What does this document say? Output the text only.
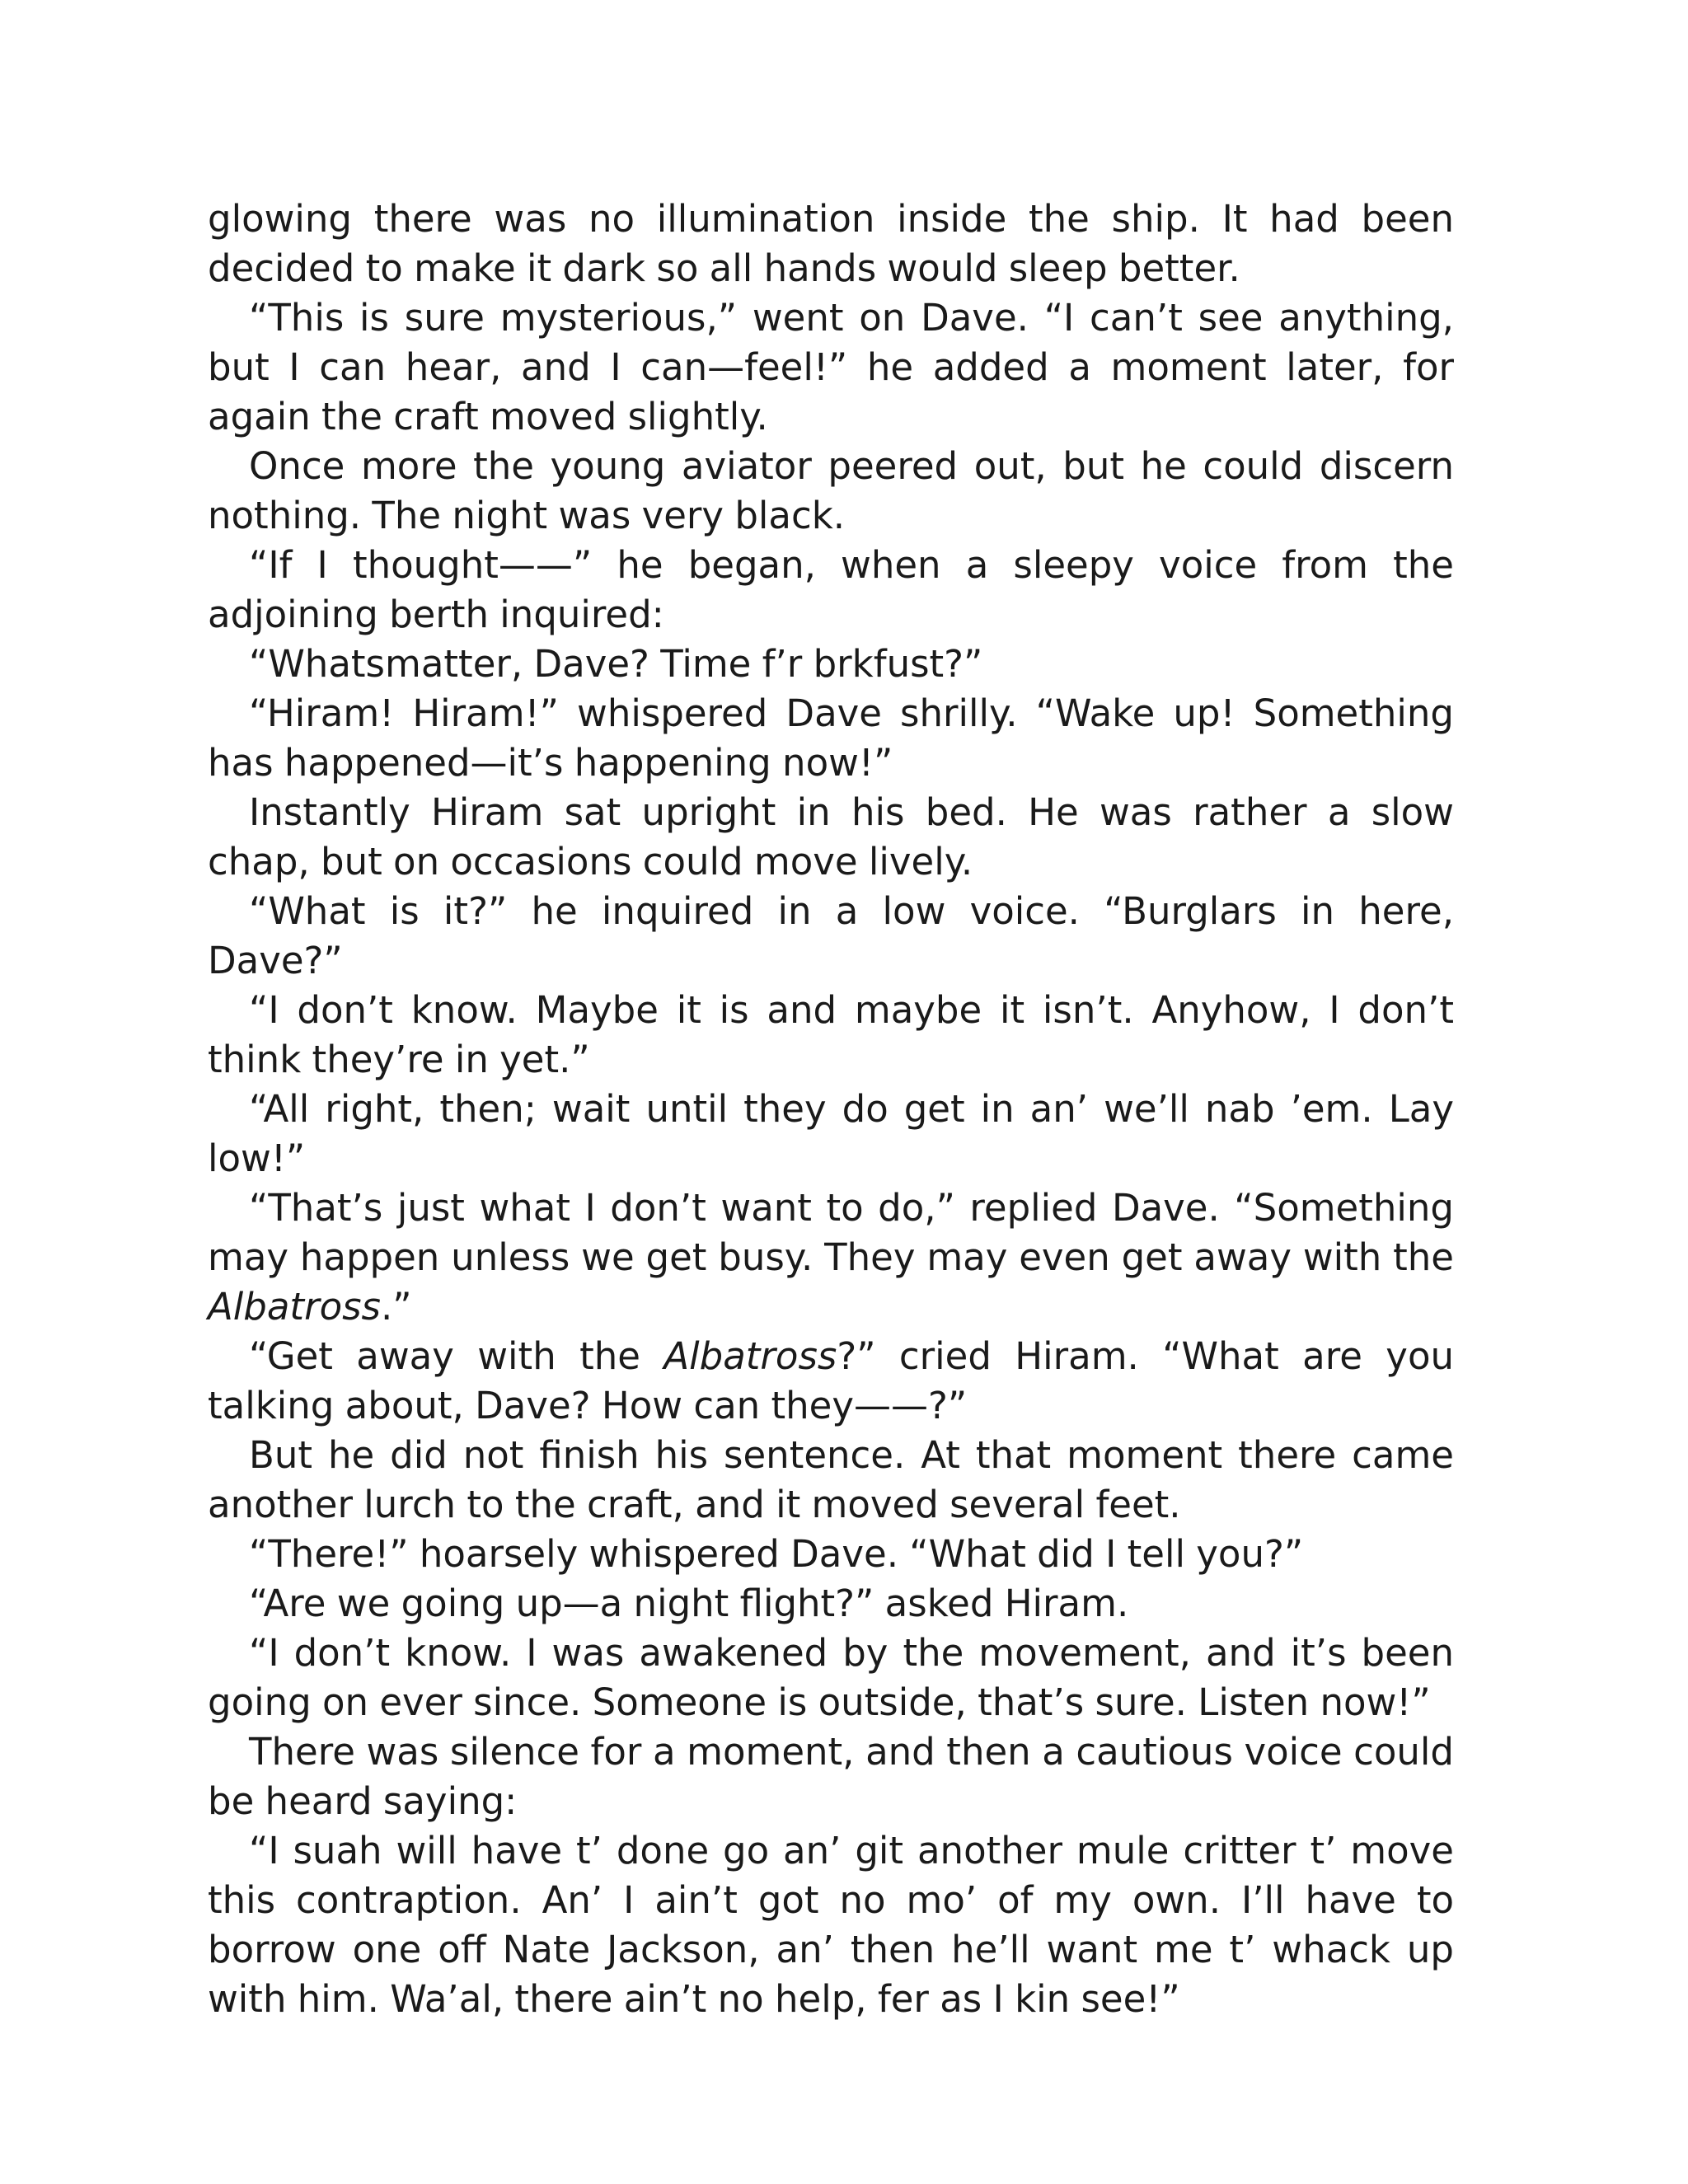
glowing there was no illumination inside the ship. It had been decided to make it dark so all hands would sleep better.

“This is sure mysterious,” went on Dave. “I can’t see anything, but I can hear, and I can—feel!” he added a moment later, for again the craft moved slightly.

Once more the young aviator peered out, but he could discern nothing. The night was very black.

“If I thought——” he began, when a sleepy voice from the adjoining berth inquired:

“Whatsmatter, Dave? Time f’r brkfust?”

“Hiram! Hiram!” whispered Dave shrilly. “Wake up! Something has happened—it’s happening now!”

Instantly Hiram sat upright in his bed. He was rather a slow chap, but on occasions could move lively.

“What is it?” he inquired in a low voice. “Burglars in here, Dave?”

“I don’t know. Maybe it is and maybe it isn’t. Anyhow, I don’t think they’re in yet.”

“All right, then; wait until they do get in an’ we’ll nab ’em. Lay low!”

“That’s just what I don’t want to do,” replied Dave. “Something may happen unless we get busy. They may even get away with the Albatross.”

“Get away with the Albatross?” cried Hiram. “What are you talking about, Dave? How can they——?”

But he did not finish his sentence. At that moment there came another lurch to the craft, and it moved several feet.

“There!” hoarsely whispered Dave. “What did I tell you?”

“Are we going up—a night flight?” asked Hiram.

“I don’t know. I was awakened by the movement, and it’s been going on ever since. Someone is outside, that’s sure. Listen now!”

There was silence for a moment, and then a cautious voice could be heard saying:

“I suah will have t’ done go an’ git another mule critter t’ move this contraption. An’ I ain’t got no mo’ of my own. I’ll have to borrow one off Nate Jackson, an’ then he’ll want me t’ whack up with him. Wa’al, there ain’t no help, fer as I kin see!”
